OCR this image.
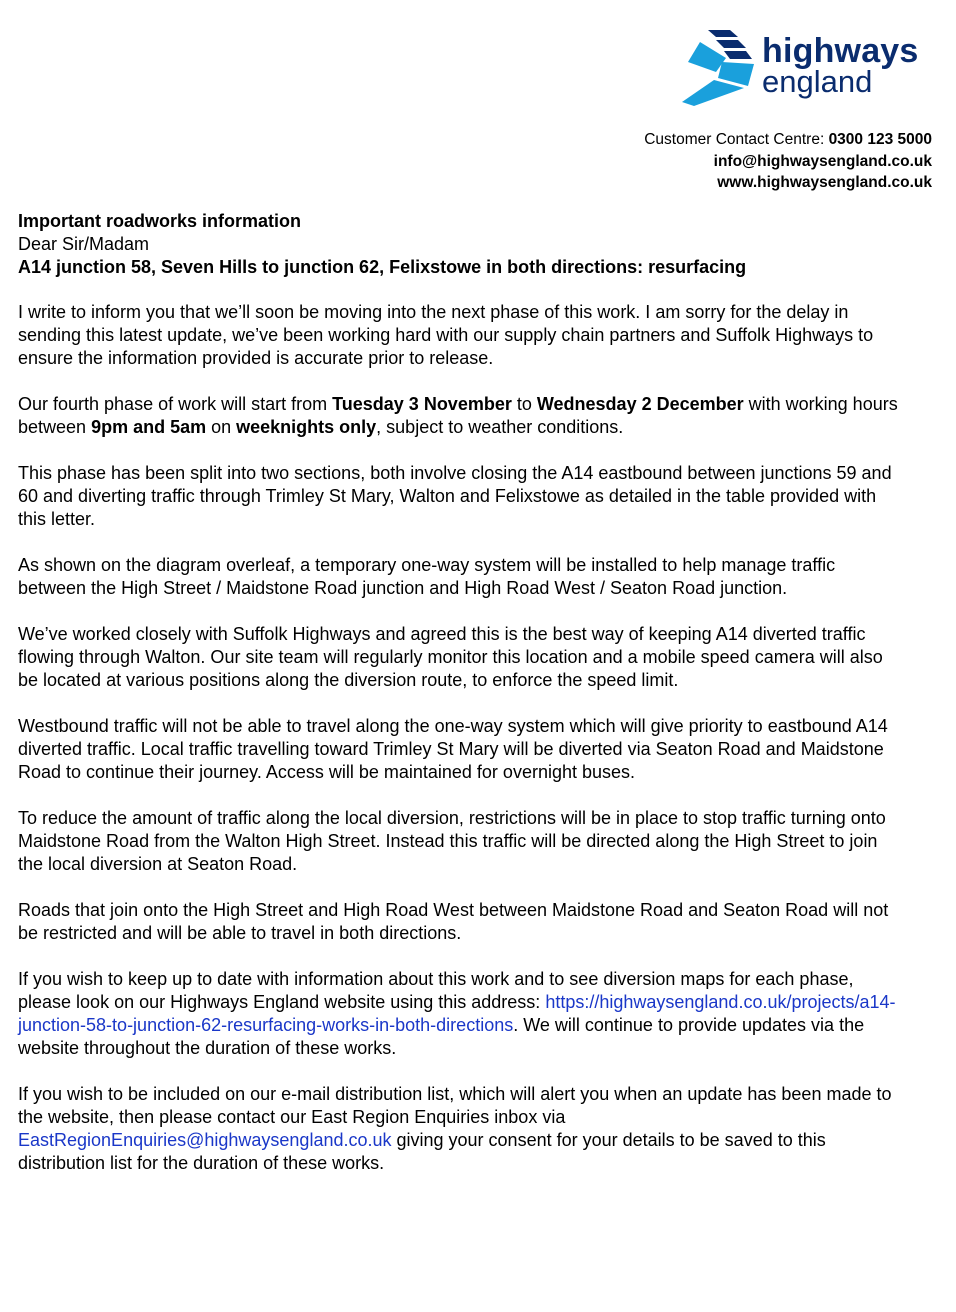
highways
england
Customer Contact Centre: 0300 123 5000
info@highwaysengland.co.uk
www.highwaysengland.co.uk

Important roadworks information

Dear Sir/Madam

A14 junction 58, Seven Hills to junction 62, Felixstowe in both directions: resurfacing

I write to inform you that we’ll soon be moving into the next phase of this work. I am sorry for the delay in sending this latest update, we’ve been working hard with our supply chain partners and Suffolk Highways to ensure the information provided is accurate prior to release.

Our fourth phase of work will start from Tuesday 3 November to Wednesday 2 December with working hours between 9pm and 5am on weeknights only, subject to weather conditions.

This phase has been split into two sections, both involve closing the A14 eastbound between junctions 59 and 60 and diverting traffic through Trimley St Mary, Walton and Felixstowe as detailed in the table provided with this letter.

As shown on the diagram overleaf, a temporary one-way system will be installed to help manage traffic between the High Street / Maidstone Road junction and High Road West / Seaton Road junction.

We’ve worked closely with Suffolk Highways and agreed this is the best way of keeping A14 diverted traffic flowing through Walton. Our site team will regularly monitor this location and a mobile speed camera will also be located at various positions along the diversion route, to enforce the speed limit.

Westbound traffic will not be able to travel along the one-way system which will give priority to eastbound A14 diverted traffic. Local traffic travelling toward Trimley St Mary will be diverted via Seaton Road and Maidstone Road to continue their journey. Access will be maintained for overnight buses.

To reduce the amount of traffic along the local diversion, restrictions will be in place to stop traffic turning onto Maidstone Road from the Walton High Street. Instead this traffic will be directed along the High Street to join the local diversion at Seaton Road.

Roads that join onto the High Street and High Road West between Maidstone Road and Seaton Road will not be restricted and will be able to travel in both directions.

If you wish to keep up to date with information about this work and to see diversion maps for each phase, please look on our Highways England website using this address: https://highwaysengland.co.uk/projects/a14-junction-58-to-junction-62-resurfacing-works-in-both-directions. We will continue to provide updates via the website throughout the duration of these works.

If you wish to be included on our e-mail distribution list, which will alert you when an update has been made to the website, then please contact our East Region Enquiries inbox via EastRegionEnquiries@highwaysengland.co.uk giving your consent for your details to be saved to this distribution list for the duration of these works.
